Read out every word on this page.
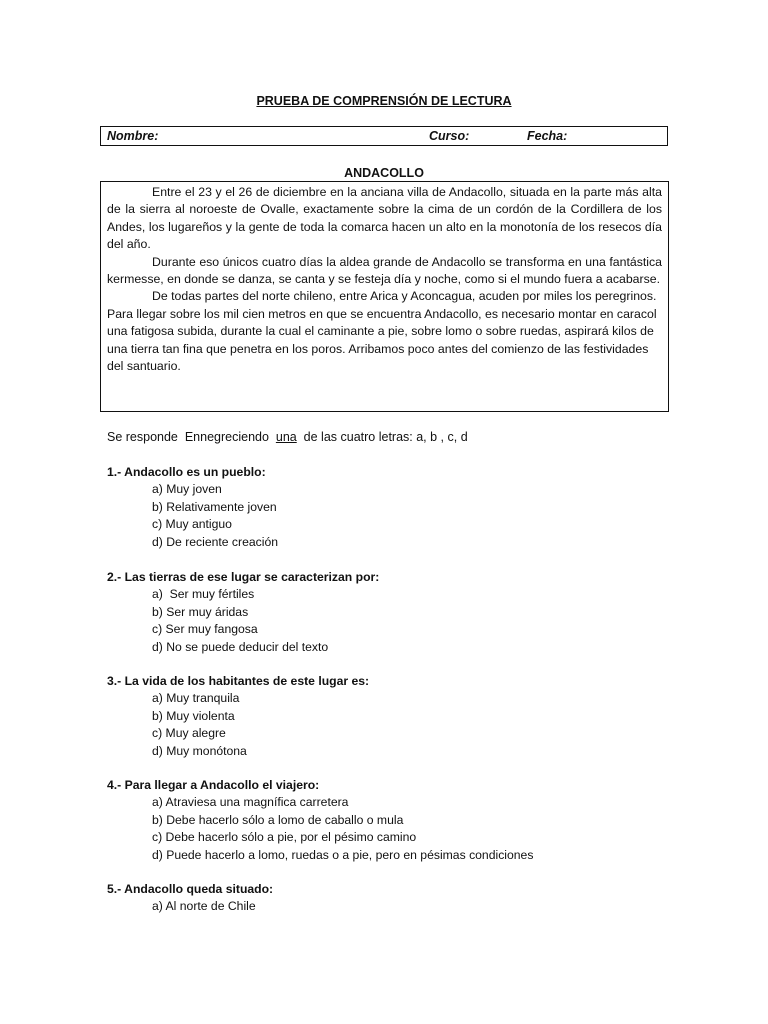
PRUEBA DE COMPRENSIÓN DE LECTURA
Nombre:	Curso:	Fecha:
ANDACOLLO

Entre el 23 y el 26 de diciembre en la anciana villa de Andacollo, situada en la parte más alta de la sierra al noroeste de Ovalle, exactamente sobre la cima de un cordón de la Cordillera de los Andes, los lugareños y la gente de toda la comarca hacen un alto en la monotonía de los resecos día del año.

Durante eso únicos cuatro días la aldea grande de Andacollo se transforma en una fantástica kermesse, en donde se danza, se canta y se festeja día y noche, como si el mundo fuera a acabarse.

De todas partes del norte chileno, entre Arica y Aconcagua, acuden por miles los peregrinos. Para llegar sobre los mil cien metros en que se encuentra Andacollo, es necesario montar en caracol una fatigosa subida, durante la cual el caminante a pie, sobre lomo o sobre ruedas, aspirará kilos de una tierra tan fina que penetra en los poros. Arribamos poco antes del comienzo de las festividades del santuario.

Se responde  Ennegreciendo  una  de las cuatro letras: a, b , c, d
1.- Andacollo es un pueblo:
a) Muy joven
b) Relativamente joven
c) Muy antiguo
d) De reciente creación
2.- Las tierras de ese lugar se caracterizan por:
a)  Ser muy fértiles
b) Ser muy áridas
c) Ser muy fangosa
d) No se puede deducir del texto
3.- La vida de los habitantes de este lugar es:
a) Muy tranquila
b) Muy violenta
c) Muy alegre
d) Muy monótona
4.- Para llegar a Andacollo el viajero:
a) Atraviesa una magnífica carretera
b) Debe hacerlo sólo a lomo de caballo o mula
c) Debe hacerlo sólo a pie, por el pésimo camino
d) Puede hacerlo a lomo, ruedas o a pie, pero en pésimas condiciones
5.- Andacollo queda situado:
a) Al norte de Chile
